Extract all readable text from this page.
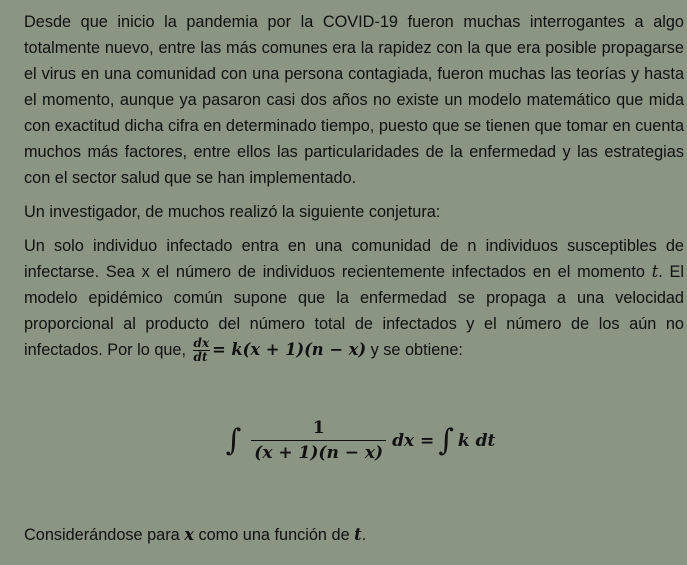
Desde que inicio la pandemia por la COVID-19 fueron muchas interrogantes a algo totalmente nuevo, entre las más comunes era la rapidez con la que era posible propagarse el virus en una comunidad con una persona contagiada, fueron muchas las teorías y hasta el momento, aunque ya pasaron casi dos años no existe un modelo matemático que mida con exactitud dicha cifra en determinado tiempo, puesto que se tienen que tomar en cuenta muchos más factores, entre ellos las particularidades de la enfermedad y las estrategias con el sector salud que se han implementado.

Un investigador, de muchos realizó la siguiente conjetura:

Un solo individuo infectado entra en una comunidad de n individuos susceptibles de infectarse. Sea x el número de individuos recientemente infectados en el momento t. El modelo epidémico común supone que la enfermedad se propaga a una velocidad proporcional al producto del número total de infectados y el número de los aún no infectados. Por lo que, $\frac{dx}{dt} = k(x + 1)(n - x)$ y se obtiene:

∫ $\frac{1}{(x + 1)(n - x)}$ dx = ∫ k dt
Considerándose para x como una función de t.
